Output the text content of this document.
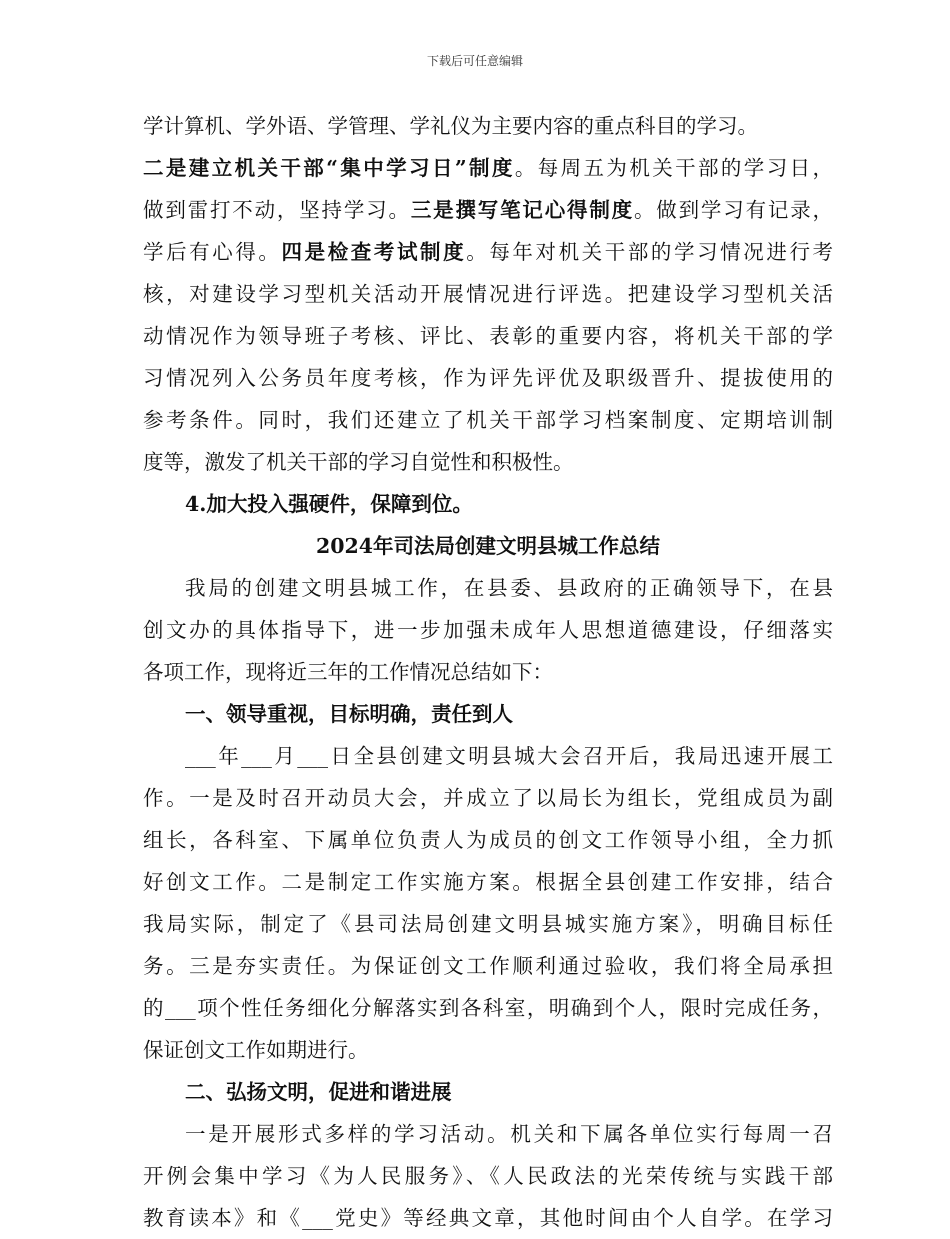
下载后可任意编辑
学计算机、学外语、学管理、学礼仪为主要内容的重点科目的学习。
二是建立机关干部“集中学习日”制度。每周五为机关干部的学习日，
做到雷打不动，坚持学习。三是撰写笔记心得制度。做到学习有记录，
学后有心得。四是检查考试制度。每年对机关干部的学习情况进行考
核，对建设学习型机关活动开展情况进行评选。把建设学习型机关活
动情况作为领导班子考核、评比、表彰的重要内容，将机关干部的学
习情况列入公务员年度考核，作为评先评优及职级晋升、提拔使用的
参考条件。同时，我们还建立了机关干部学习档案制度、定期培训制
度等，激发了机关干部的学习自觉性和积极性。
4.加大投入强硬件，保障到位。
2024年司法局创建文明县城工作总结
我局的创建文明县城工作，在县委、县政府的正确领导下，在县
创文办的具体指导下，进一步加强未成年人思想道德建设，仔细落实
各项工作，现将近三年的工作情况总结如下：
一、领导重视，目标明确，责任到人
___年___月___日全县创建文明县城大会召开后，我局迅速开展工
作。一是及时召开动员大会，并成立了以局长为组长，党组成员为副
组长，各科室、下属单位负责人为成员的创文工作领导小组，全力抓
好创文工作。二是制定工作实施方案。根据全县创建工作安排，结合
我局实际，制定了《县司法局创建文明县城实施方案》，明确目标任
务。三是夯实责任。为保证创文工作顺利通过验收，我们将全局承担
的___项个性任务细化分解落实到各科室，明确到个人，限时完成任务，
保证创文工作如期进行。
二、弘扬文明，促进和谐进展
一是开展形式多样的学习活动。机关和下属各单位实行每周一召
开例会集中学习《为人民服务》、《人民政法的光荣传统与实践干部
教育读本》和《___党史》等经典文章，其他时间由个人自学。在学习
